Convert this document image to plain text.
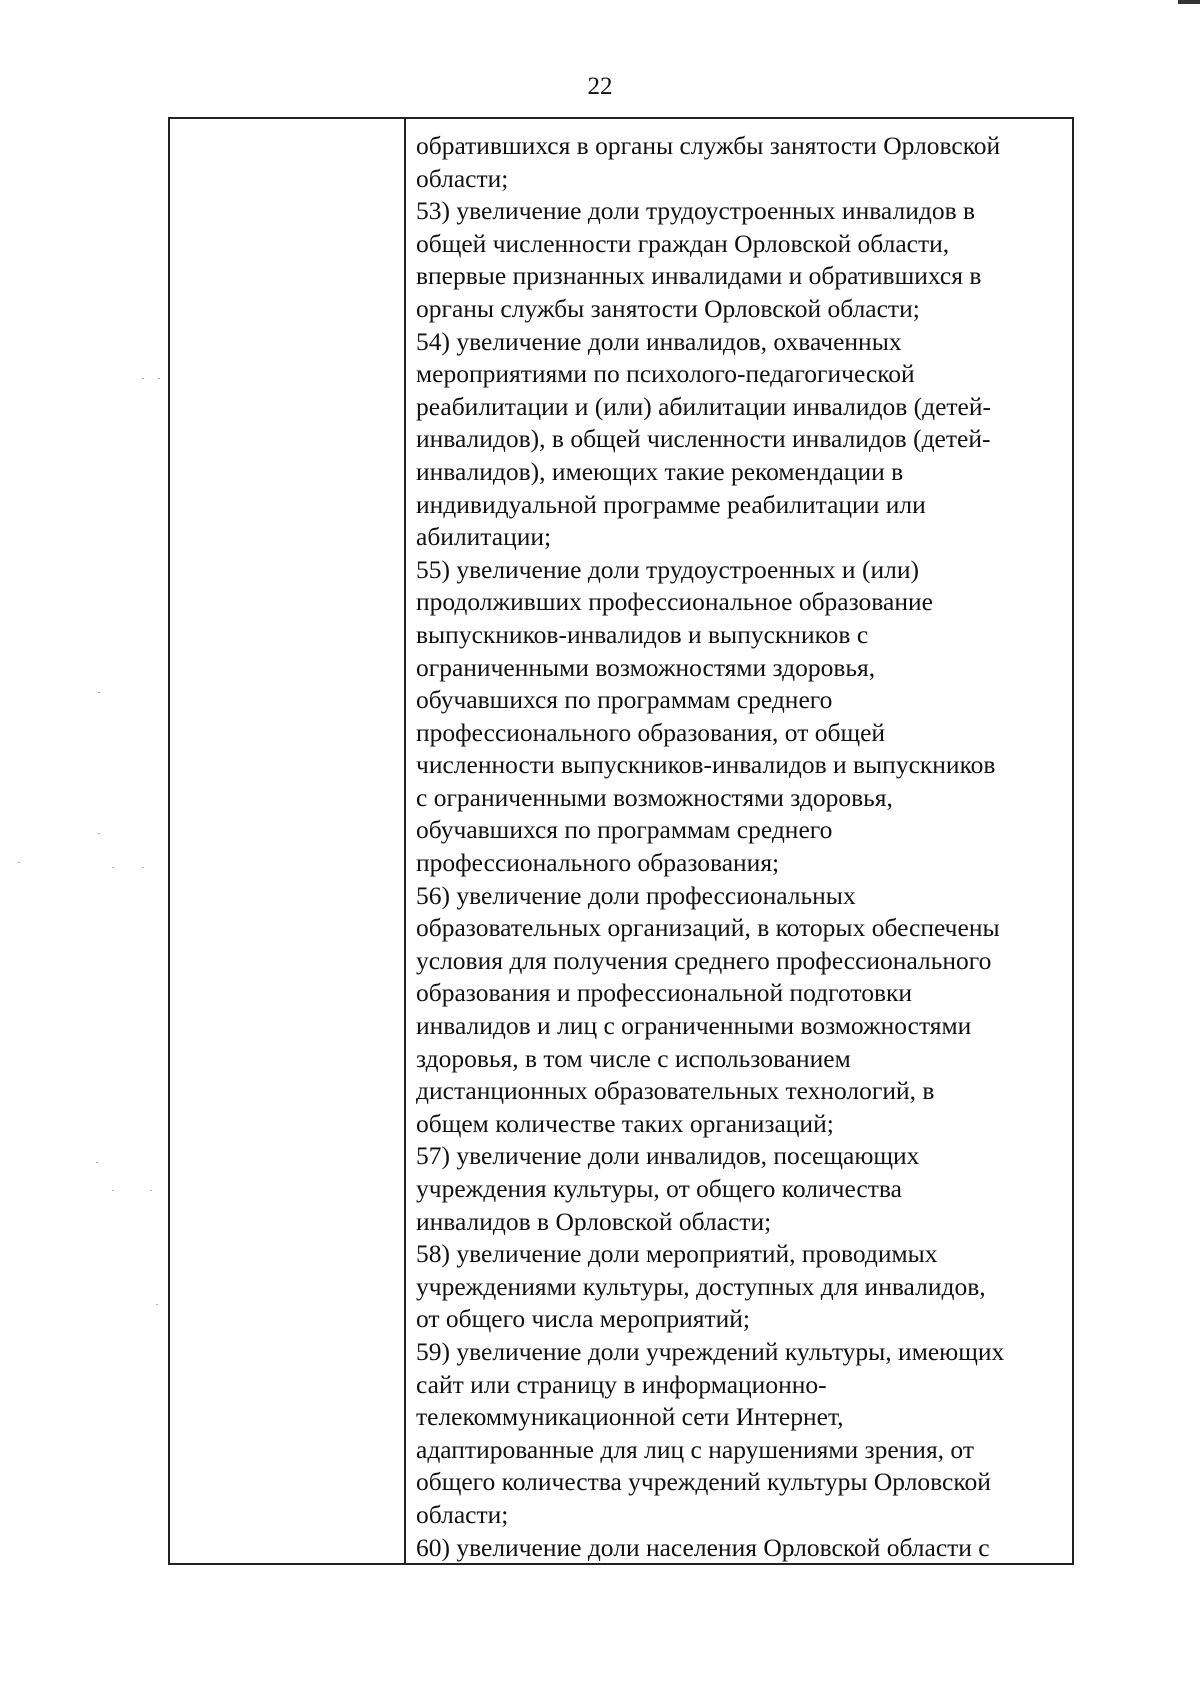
22
обратившихся в органы службы занятости Орловской
области;
53) увеличение доли трудоустроенных инвалидов в
общей численности граждан Орловской области,
впервые признанных инвалидами и обратившихся в
органы службы занятости Орловской области;
54) увеличение доли инвалидов, охваченных
мероприятиями по психолого-педагогической
реабилитации и (или) абилитации инвалидов (детей-
инвалидов), в общей численности инвалидов (детей-
инвалидов), имеющих такие рекомендации в
индивидуальной программе реабилитации или
абилитации;
55) увеличение доли трудоустроенных и (или)
продолживших профессиональное образование
выпускников-инвалидов и выпускников с
ограниченными возможностями здоровья,
обучавшихся по программам среднего
профессионального образования, от общей
численности выпускников-инвалидов и выпускников
с ограниченными возможностями здоровья,
обучавшихся по программам среднего
профессионального образования;
56) увеличение доли профессиональных
образовательных организаций, в которых обеспечены
условия для получения среднего профессионального
образования и профессиональной подготовки
инвалидов и лиц с ограниченными возможностями
здоровья, в том числе с использованием
дистанционных образовательных технологий, в
общем количестве таких организаций;
57) увеличение доли инвалидов, посещающих
учреждения культуры, от общего количества
инвалидов в Орловской области;
58) увеличение доли мероприятий, проводимых
учреждениями культуры, доступных для инвалидов,
от общего числа мероприятий;
59) увеличение доли учреждений культуры, имеющих
сайт или страницу в информационно-
телекоммуникационной сети Интернет,
адаптированные для лиц с нарушениями зрения, от
общего количества учреждений культуры Орловской
области;
60) увеличение доли населения Орловской области с
